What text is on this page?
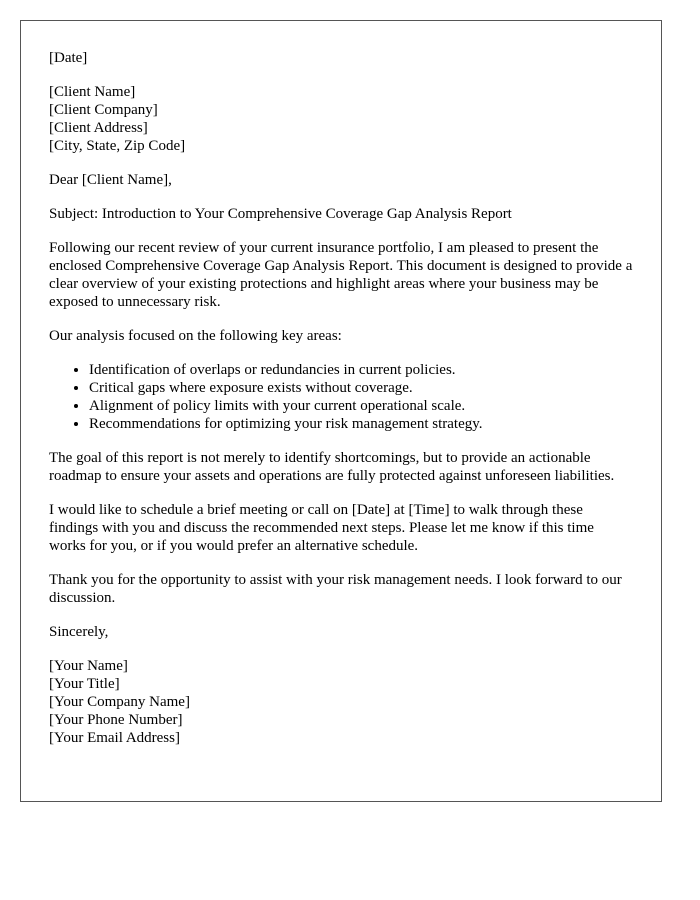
[Date]
[Client Name]
[Client Company]
[Client Address]
[City, State, Zip Code]

Dear [Client Name],

Subject: Introduction to Your Comprehensive Coverage Gap Analysis Report

Following our recent review of your current insurance portfolio, I am pleased to present the enclosed Comprehensive Coverage Gap Analysis Report. This document is designed to provide a clear overview of your existing protections and highlight areas where your business may be exposed to unnecessary risk.

Our analysis focused on the following key areas:

• Identification of overlaps or redundancies in current policies.
• Critical gaps where exposure exists without coverage.
• Alignment of policy limits with your current operational scale.
• Recommendations for optimizing your risk management strategy.

The goal of this report is not merely to identify shortcomings, but to provide an actionable roadmap to ensure your assets and operations are fully protected against unforeseen liabilities.

I would like to schedule a brief meeting or call on [Date] at [Time] to walk through these findings with you and discuss the recommended next steps. Please let me know if this time works for you, or if you would prefer an alternative schedule.

Thank you for the opportunity to assist with your risk management needs. I look forward to our discussion.

Sincerely,

[Your Name]
[Your Title]
[Your Company Name]
[Your Phone Number]
[Your Email Address]
